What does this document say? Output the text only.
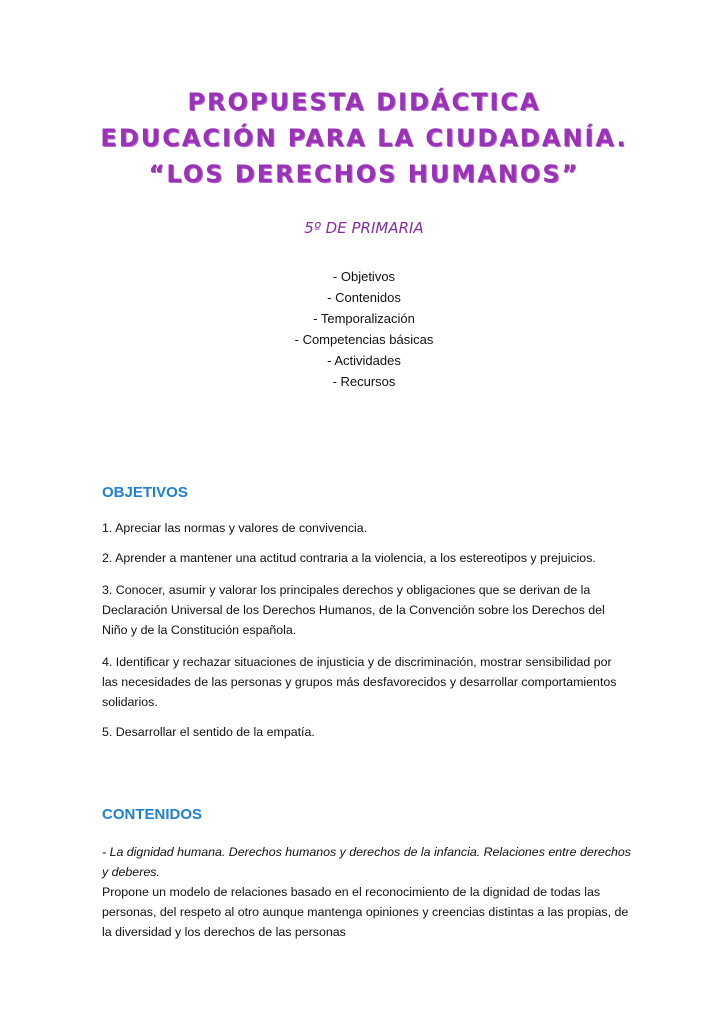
PROPUESTA DIDÁCTICA
EDUCACIÓN PARA LA CIUDADANÍA.
“LOS DERECHOS HUMANOS”
5º DE PRIMARIA
- Objetivos
- Contenidos
- Temporalización
- Competencias básicas
- Actividades
- Recursos
OBJETIVOS
1. Apreciar las normas y valores de convivencia.
2. Aprender a mantener una actitud contraria a la violencia, a los estereotipos y prejuicios.
3. Conocer, asumir y valorar los principales derechos y obligaciones que se derivan de la Declaración Universal de los Derechos Humanos, de la Convención sobre los Derechos del Niño y de la Constitución española.
4. Identificar y rechazar situaciones de injusticia y de discriminación, mostrar sensibilidad por las necesidades de las personas y grupos más desfavorecidos y desarrollar comportamientos solidarios.
5. Desarrollar el sentido de la empatía.
CONTENIDOS
- La dignidad humana. Derechos humanos y derechos de la infancia. Relaciones entre derechos y deberes.
Propone un modelo de relaciones basado en el reconocimiento de la dignidad de todas las personas, del respeto al otro aunque mantenga opiniones y creencias distintas a las propias, de la diversidad y los derechos de las personas
